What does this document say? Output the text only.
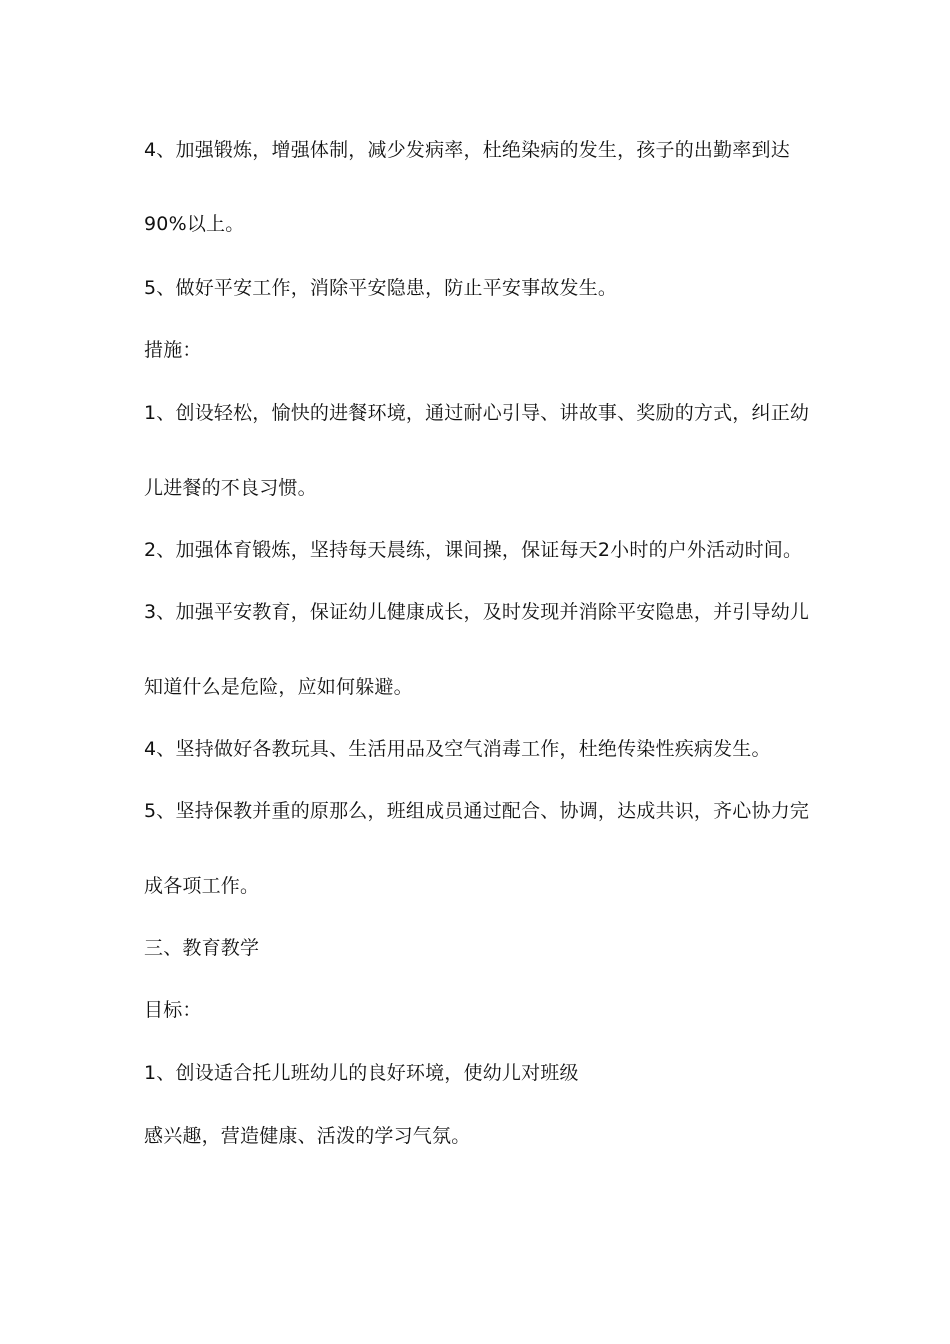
4、加强锻炼，增强体制，减少发病率，杜绝染病的发生，孩子的出勤率到达
90%以上。
5、做好平安工作，消除平安隐患，防止平安事故发生。
措施：
1、创设轻松，愉快的进餐环境，通过耐心引导、讲故事、奖励的方式，纠正幼
儿进餐的不良习惯。
2、加强体育锻炼，坚持每天晨练，课间操，保证每天2小时的户外活动时间。
3、加强平安教育，保证幼儿健康成长，及时发现并消除平安隐患，并引导幼儿
知道什么是危险，应如何躲避。
4、坚持做好各教玩具、生活用品及空气消毒工作，杜绝传染性疾病发生。
5、坚持保教并重的原那么，班组成员通过配合、协调，达成共识，齐心协力完
成各项工作。
三、教育教学
目标：
1、创设适合托儿班幼儿的良好环境，使幼儿对班级
感兴趣，营造健康、活泼的学习气氛。
